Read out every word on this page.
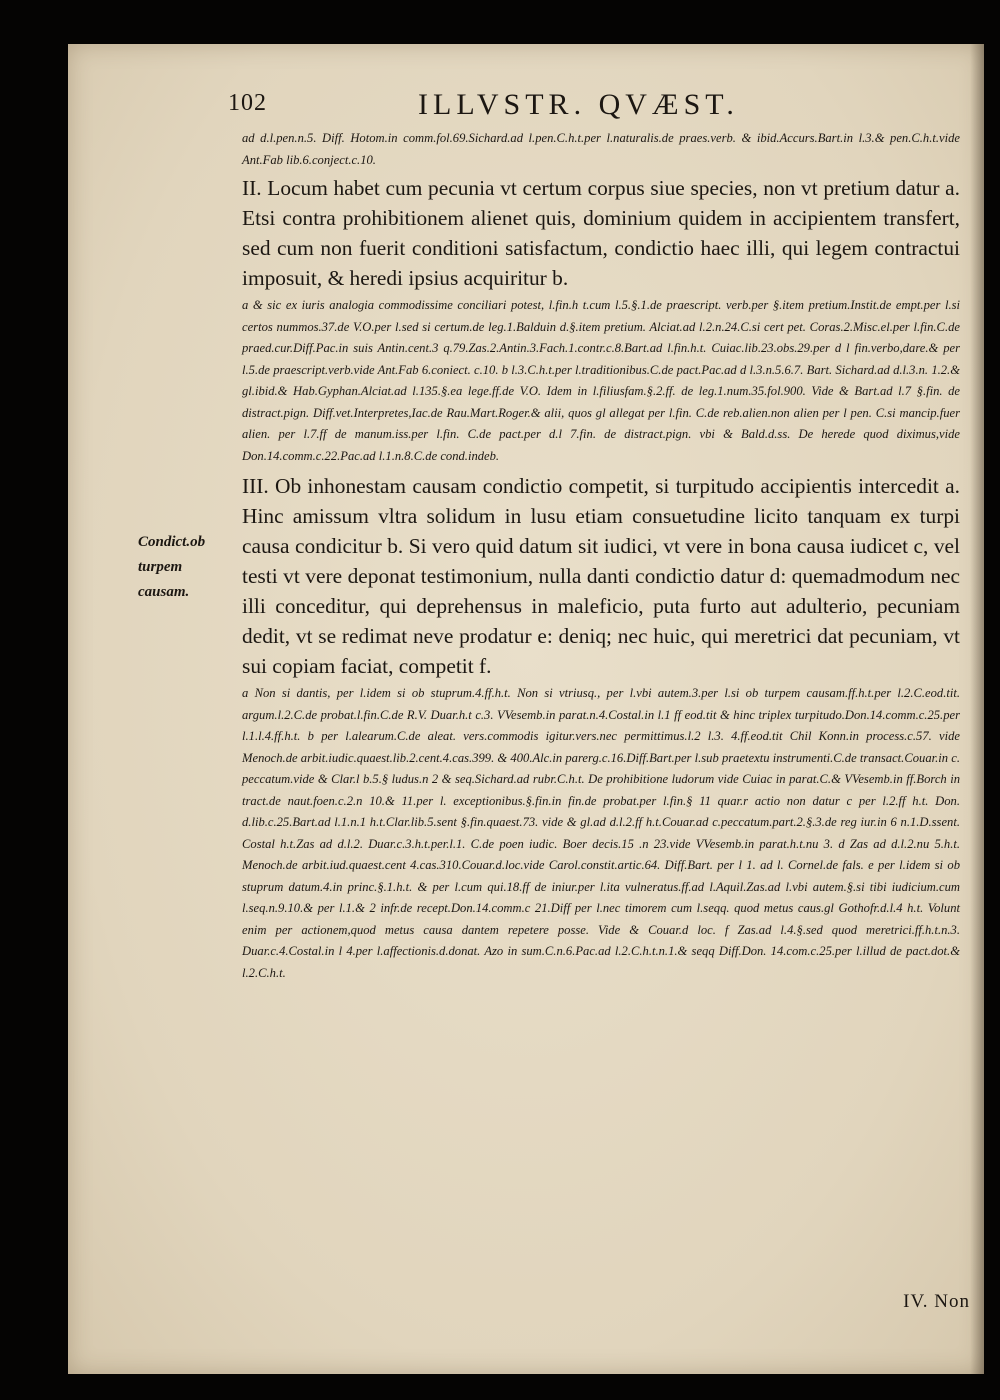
102	ILLVSTR. QVÆST.
Condict.ob turpem causam.

ad d.l.pen.n.5. Diff. Hotom.in comm.fol.69.Sichard.ad l.pen.C.h.t.per l.naturalis.de praes.verb. & ibid.Accurs.Bart.in l.3.& pen.C.h.t.vide Ant.Fab lib.6.conject.c.10.

II. Locum habet cum pecunia vt certum corpus siue species, non vt pretium datur a. Etsi contra prohibitionem alienet quis, dominium quidem in accipientem transfert, sed cum non fuerit conditioni satisfactum, condictio haec illi, qui legem contractui imposuit, & heredi ipsius acquiritur b.

a & sic ex iuris analogia commodissime conciliari potest, l.fin.h t.cum l.5.§.1.de praescript. verb.per §.item pretium.Instit.de empt.per l.si certos nummos.37.de V.O.per l.sed si certum.de leg.1.Balduin d.§.item pretium. Alciat.ad l.2.n.24.C.si cert pet. Coras.2.Misc.el.per l.fin.C.de praed.cur.Diff.Pac.in suis Antin.cent.3 q.79.Zas.2.Antin.3.Fach.1.contr.c.8.Bart.ad l.fin.h.t. Cuiac.lib.23.obs.29.per d l fin.verbo,dare.& per l.5.de praescript.verb.vide Ant.Fab 6.coniect. c.10. b l.3.C.h.t.per l.traditionibus.C.de pact.Pac.ad d l.3.n.5.6.7. Bart. Sichard.ad d.l.3.n. 1.2.& gl.ibid.& Hab.Gyphan.Alciat.ad l.135.§.ea lege.ff.de V.O. Idem in l.filiusfam.§.2.ff. de leg.1.num.35.fol.900. Vide & Bart.ad l.7 §.fin. de distract.pign. Diff.vet.Interpretes,Iac.de Rau.Mart.Roger.& alii, quos gl allegat per l.fin. C.de reb.alien.non alien per l pen. C.si mancip.fuer alien. per l.7.ff de manum.iss.per l.fin. C.de pact.per d.l 7.fin. de distract.pign. vbi & Bald.d.ss. De herede quod diximus,vide Don.14.comm.c.22.Pac.ad l.1.n.8.C.de cond.indeb.

III. Ob inhonestam causam condictio competit, si turpitudo accipientis intercedit a. Hinc amissum vltra solidum in lusu etiam consuetudine licito tanquam ex turpi causa condicitur b. Si vero quid datum sit iudici, vt vere in bona causa iudicet c, vel testi vt vere deponat testimonium, nulla danti condictio datur d: quemadmodum nec illi conceditur, qui deprehensus in maleficio, puta furto aut adulterio, pecuniam dedit, vt se redimat neve prodatur e: deniq; nec huic, qui meretrici dat pecuniam, vt sui copiam faciat, competit f.

a Non si dantis, per l.idem si ob stuprum.4.ff.h.t. Non si vtriusq., per l.vbi autem.3.per l.si ob turpem causam.ff.h.t.per l.2.C.eod.tit. argum.l.2.C.de probat.l.fin.C.de R.V. Duar.h.t c.3. VVesemb.in parat.n.4.Costal.in l.1 ff eod.tit & hinc triplex turpitudo.Don.14.comm.c.25.per l.1.l.4.ff.h.t. b per l.alearum.C.de aleat. vers.commodis igitur.vers.nec permittimus.l.2 l.3. 4.ff.eod.tit Chil Konn.in process.c.57. vide Menoch.de arbit.iudic.quaest.lib.2.cent.4.cas.399. & 400.Alc.in parerg.c.16.Diff.Bart.per l.sub praetextu instrumenti.C.de transact.Couar.in c. peccatum.vide & Clar.l b.5.§ ludus.n 2 & seq.Sichard.ad rubr.C.h.t. De prohibitione ludorum vide Cuiac in parat.C.& VVesemb.in ff.Borch in tract.de naut.foen.c.2.n 10.& 11.per l. exceptionibus.§.fin.in fin.de probat.per l.fin.§ 11 quar.r actio non datur c per l.2.ff h.t. Don. d.lib.c.25.Bart.ad l.1.n.1 h.t.Clar.lib.5.sent §.fin.quaest.73. vide & gl.ad d.l.2.ff h.t.Couar.ad c.peccatum.part.2.§.3.de reg iur.in 6 n.1.D.ssent. Costal h.t.Zas ad d.l.2. Duar.c.3.h.t.per.l.1. C.de poen iudic. Boer decis.15 .n 23.vide VVesemb.in parat.h.t.nu 3. d Zas ad d.l.2.nu 5.h.t. Menoch.de arbit.iud.quaest.cent 4.cas.310.Couar.d.loc.vide Carol.constit.artic.64. Diff.Bart. per l 1. ad l. Cornel.de fals. e per l.idem si ob stuprum datum.4.in princ.§.1.h.t. & per l.cum qui.18.ff de iniur.per l.ita vulneratus.ff.ad l.Aquil.Zas.ad l.vbi autem.§.si tibi iudicium.cum l.seq.n.9.10.& per l.1.& 2 infr.de recept.Don.14.comm.c 21.Diff per l.nec timorem cum l.seqq. quod metus caus.gl Gothofr.d.l.4 h.t. Volunt enim per actionem,quod metus causa dantem repetere posse. Vide & Couar.d loc. f Zas.ad l.4.§.sed quod meretrici.ff.h.t.n.3. Duar.c.4.Costal.in l 4.per l.affectionis.d.donat. Azo in sum.C.n.6.Pac.ad l.2.C.h.t.n.1.& seqq Diff.Don. 14.com.c.25.per l.illud de pact.dot.& l.2.C.h.t.

IV. Non
